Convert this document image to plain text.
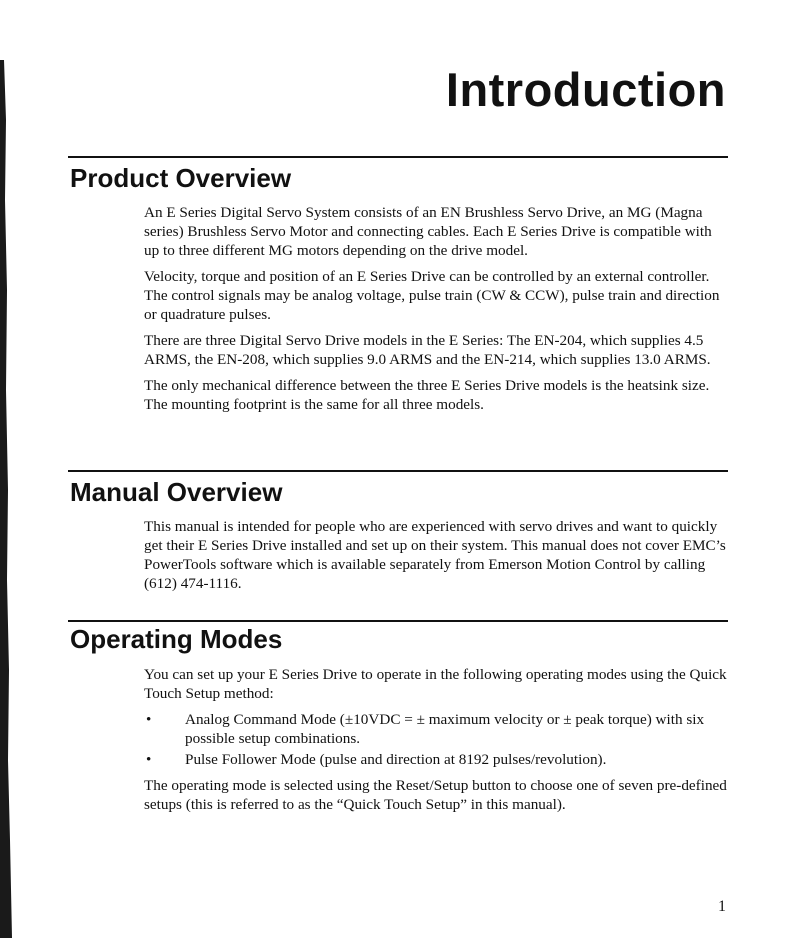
Introduction
Product Overview

An E Series Digital Servo System consists of an EN Brushless Servo Drive, an MG (Magna series) Brushless Servo Motor and connecting cables. Each E Series Drive is compatible with up to three different MG motors depending on the drive model.

Velocity, torque and position of an E Series Drive can be controlled by an external controller. The control signals may be analog voltage, pulse train (CW & CCW), pulse train and direction or quadrature pulses.

There are three Digital Servo Drive models in the E Series: The EN-204, which supplies 4.5 ARMS, the EN-208, which supplies 9.0 ARMS and the EN-214, which supplies 13.0 ARMS.

The only mechanical difference between the three E Series Drive models is the heatsink size. The mounting footprint is the same for all three models.

Manual Overview

This manual is intended for people who are experienced with servo drives and want to quickly get their E Series Drive installed and set up on their system. This manual does not cover EMC’s PowerTools software which is available separately from Emerson Motion Control by calling (612) 474-1116.

Operating Modes

You can set up your E Series Drive to operate in the following operating modes using the Quick Touch Setup method:

• Analog Command Mode (±10VDC = ± maximum velocity or ± peak torque) with six possible setup combinations.
• Pulse Follower Mode (pulse and direction at 8192 pulses/revolution).

The operating mode is selected using the Reset/Setup button to choose one of seven pre-defined setups (this is referred to as the “Quick Touch Setup” in this manual).

1
